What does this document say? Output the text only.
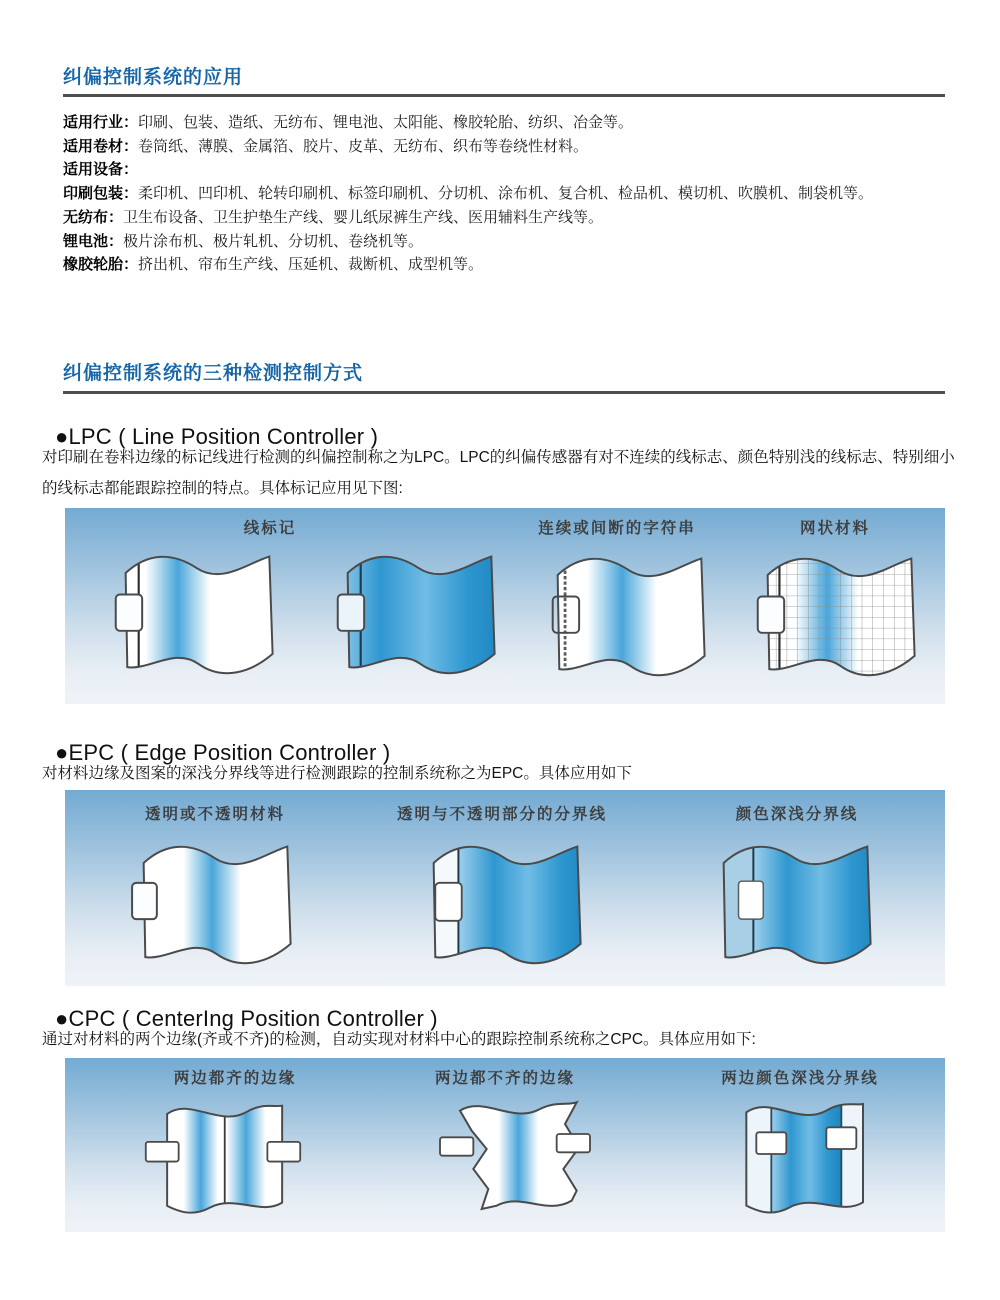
纠偏控制系统的应用
适用行业：印刷、包装、造纸、无纺布、锂电池、太阳能、橡胶轮胎、纺织、冶金等。
适用卷材：卷筒纸、薄膜、金属箔、胶片、皮革、无纺布、织布等卷绕性材料。
适用设备：
印刷包装：柔印机、凹印机、轮转印刷机、标签印刷机、分切机、涂布机、复合机、检品机、模切机、吹膜机、制袋机等。
无纺布：卫生布设备、卫生护垫生产线、婴儿纸尿裤生产线、医用辅料生产线等。
锂电池：极片涂布机、极片轧机、分切机、卷绕机等。
橡胶轮胎：挤出机、帘布生产线、压延机、裁断机、成型机等。
纠偏控制系统的三种检测控制方式
●LPC ( Line Position Controller )
对印刷在卷料边缘的标记线进行检测的纠偏控制称之为LPC。LPC的纠偏传感器有对不连续的线标志、颜色特别浅的线标志、特别细小的线标志都能跟踪控制的特点。具体标记应用见下图:
线标记	连续或间断的字符串	网状材料
●EPC ( Edge Position Controller )
对材料边缘及图案的深浅分界线等进行检测跟踪的控制系统称之为EPC。具体应用如下
透明或不透明材料	透明与不透明部分的分界线	颜色深浅分界线
●CPC ( CenterIng Position Controller )
通过对材料的两个边缘(齐或不齐)的检测，自动实现对材料中心的跟踪控制系统称之CPC。具体应用如下:
两边都齐的边缘	两边都不齐的边缘	两边颜色深浅分界线
